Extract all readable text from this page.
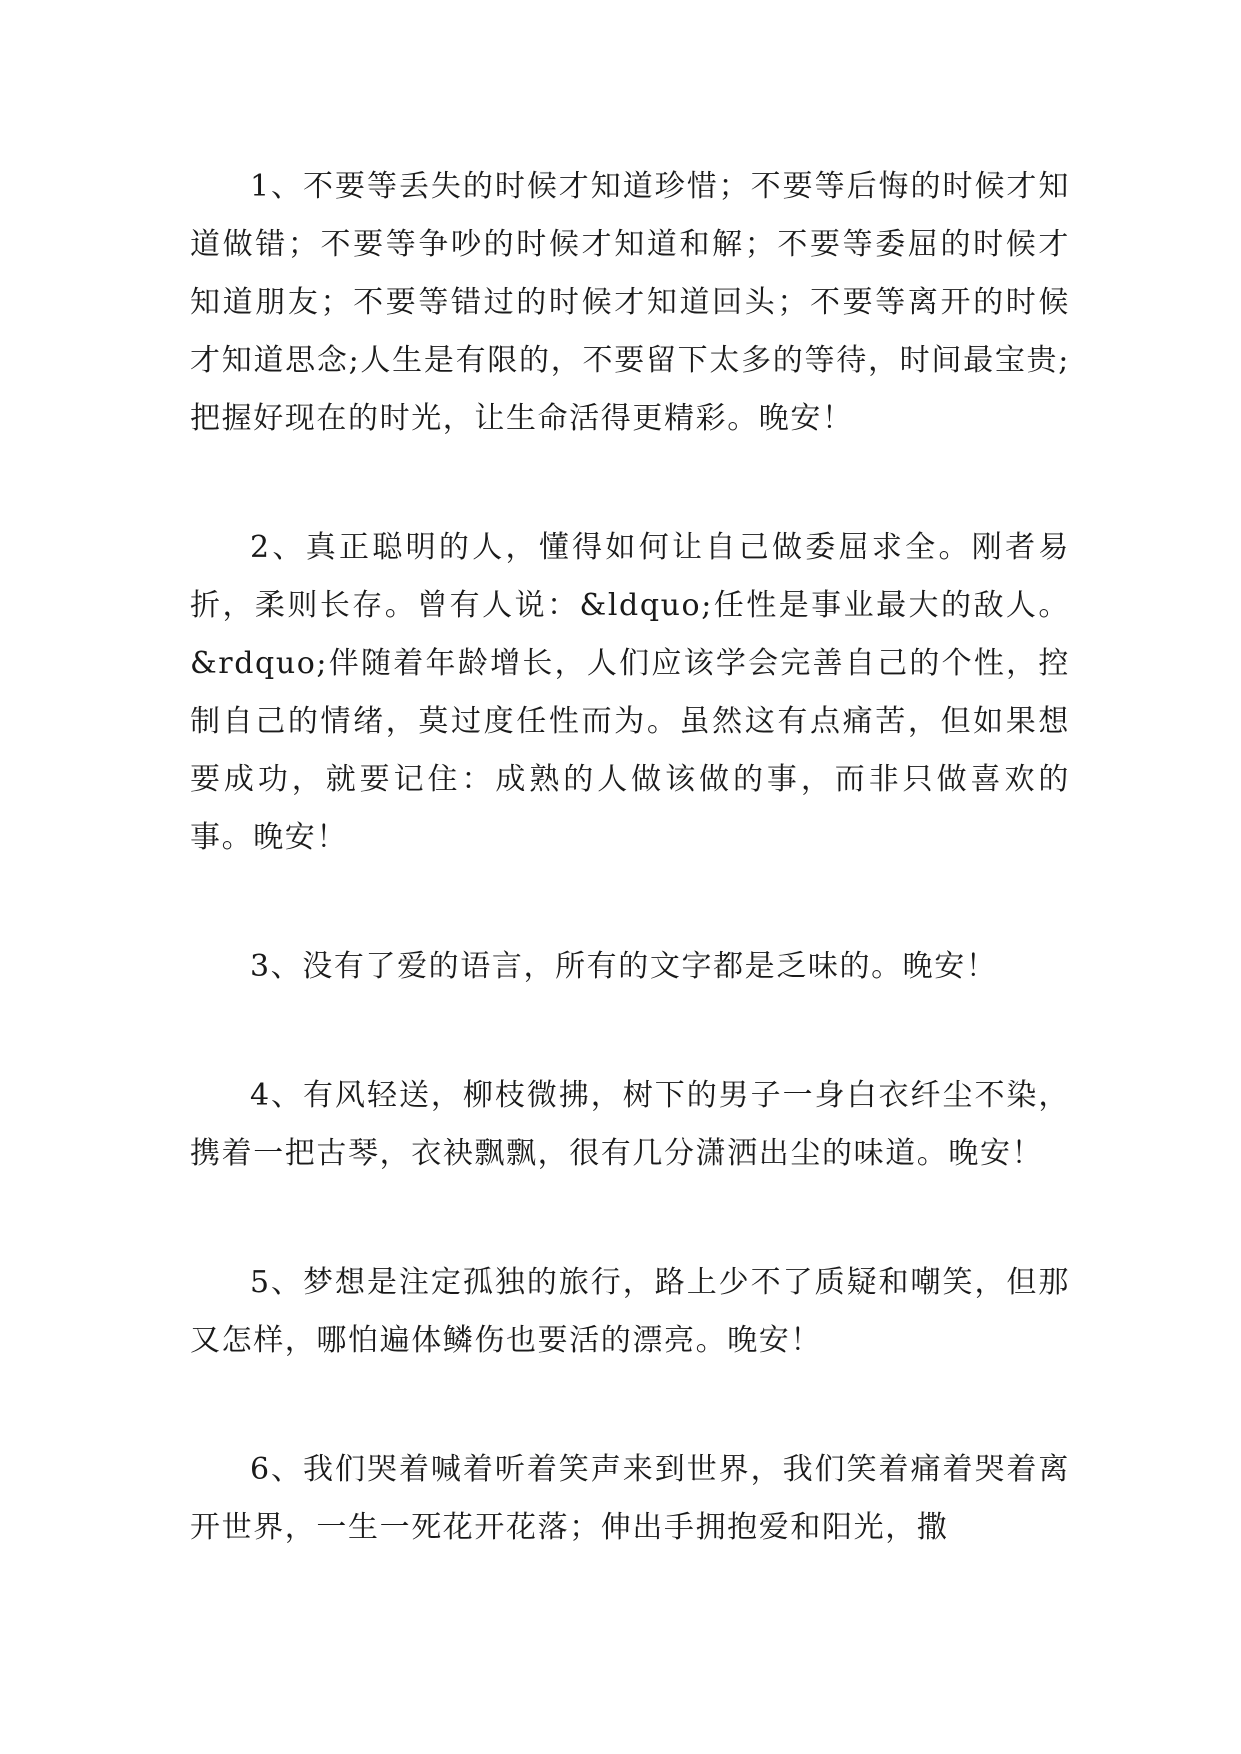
1、不要等丢失的时候才知道珍惜；不要等后悔的时候才知道做错；不要等争吵的时候才知道和解；不要等委屈的时候才知道朋友；不要等错过的时候才知道回头；不要等离开的时候才知道思念;人生是有限的，不要留下太多的等待，时间最宝贵;把握好现在的时光，让生命活得更精彩。晚安！

2、真正聪明的人，懂得如何让自己做委屈求全。刚者易折，柔则长存。曾有人说：&ldquo;任性是事业最大的敌人。&rdquo;伴随着年龄增长，人们应该学会完善自己的个性，控制自己的情绪，莫过度任性而为。虽然这有点痛苦，但如果想要成功，就要记住：成熟的人做该做的事，而非只做喜欢的事。晚安！

3、没有了爱的语言，所有的文字都是乏味的。晚安！

4、有风轻送，柳枝微拂，树下的男子一身白衣纤尘不染，携着一把古琴，衣袂飘飘，很有几分潇洒出尘的味道。晚安！

5、梦想是注定孤独的旅行，路上少不了质疑和嘲笑，但那又怎样，哪怕遍体鳞伤也要活的漂亮。晚安！

6、我们哭着喊着听着笑声来到世界，我们笑着痛着哭着离开世界，一生一死花开花落；伸出手拥抱爱和阳光，撒
